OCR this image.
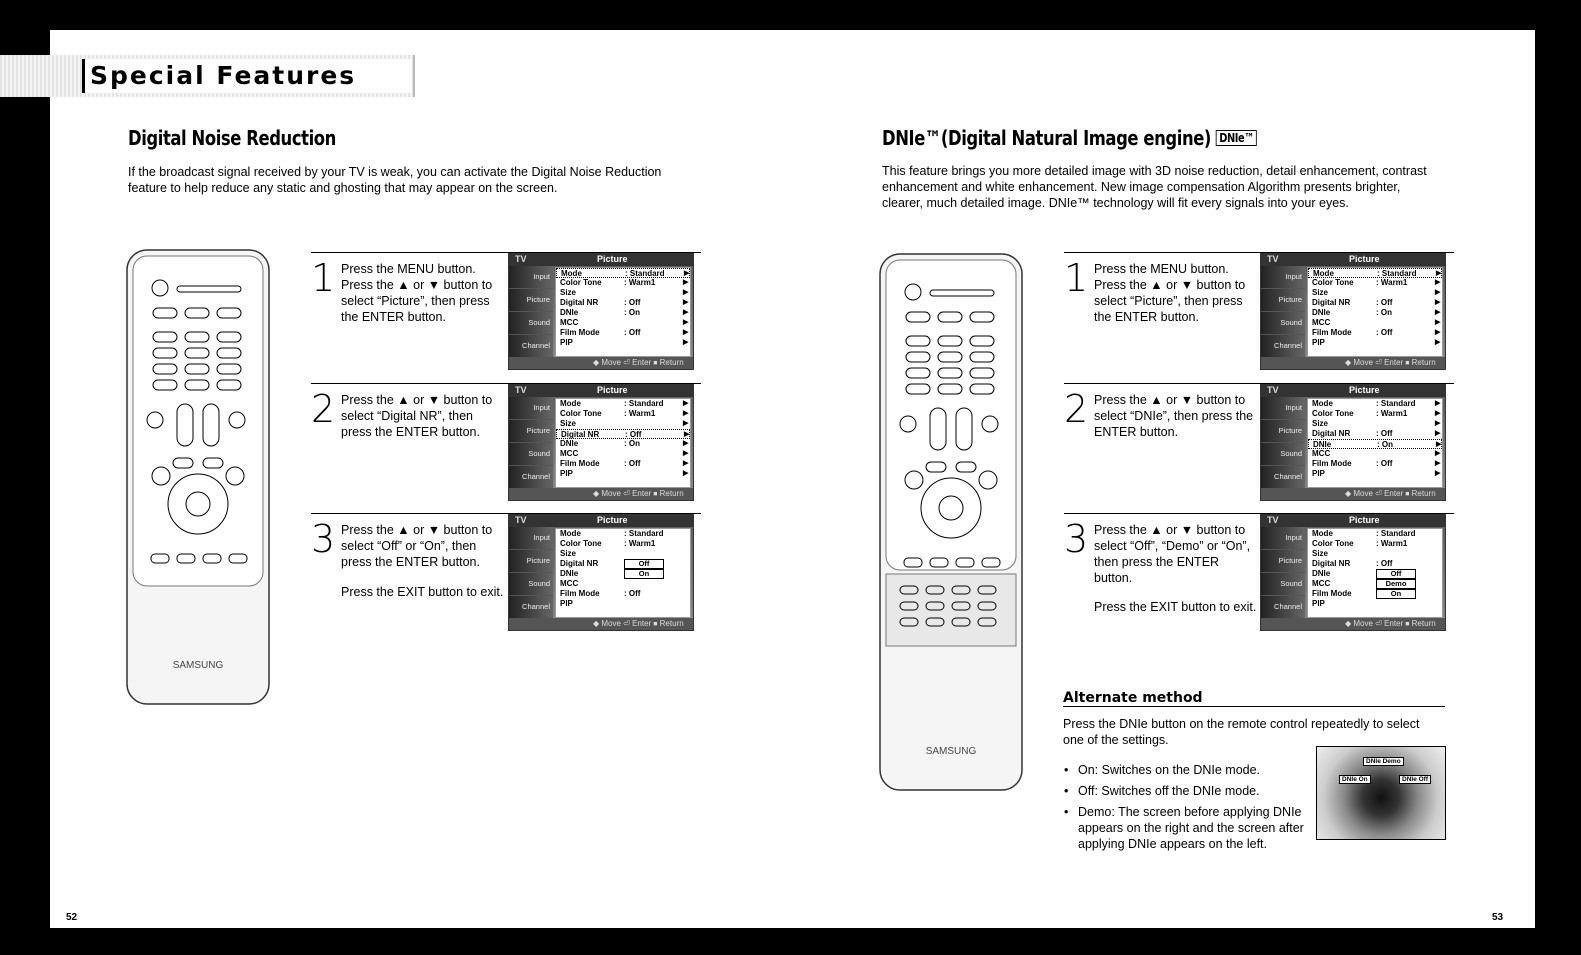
Special Features
Digital Noise Reduction
If the broadcast signal received by your TV is weak, you can activate the Digital Noise Reduction feature to help reduce any static and ghosting that may appear on the screen.
SAMSUNG
1 Press the MENU button. Press the ▲ or ▼ button to select “Picture”, then press the ENTER button.
2 Press the ▲ or ▼ button to select “Digital NR”, then press the ENTER button.
3 Press the ▲ or ▼ button to select “Off” or “On”, then press the ENTER button.
Press the EXIT button to exit.
TV	Picture
Input
Picture
Sound
Channel
Mode	: Standard	▶
Color Tone	: Warm1	▶
Size	▶
Digital NR	: Off	▶
DNIe	: On	▶
MCC	▶
Film Mode	: Off	▶
PIP	▶
◆ Move ⏎ Enter ⏹ Return
TV	Picture
Input
Picture
Sound
Channel
Mode	: Standard	▶
Color Tone	: Warm1	▶
Size	▶
Digital NR	: Off	▶
DNIe	: On	▶
MCC	▶
Film Mode	: Off	▶
PIP	▶
◆ Move ⏎ Enter ⏹ Return
TV	Picture
Input
Picture
Sound
Channel
Mode	: Standard
Color Tone	: Warm1
Size
Digital NR
DNIe
MCC
Film Mode	: Off
PIP
Off
On
◆ Move ⏎ Enter ⏹ Return
52
DNIe™(Digital Natural Image engine) DNIe™
This feature brings you more detailed image with 3D noise reduction, detail enhancement, contrast enhancement and white enhancement. New image compensation Algorithm presents brighter, clearer, much detailed image. DNIe™ technology will fit every signals into your eyes.
SAMSUNG
1 Press the MENU button. Press the ▲ or ▼ button to select “Picture”, then press the ENTER button.
2 Press the ▲ or ▼ button to select “DNIe”, then press the ENTER button.
3 Press the ▲ or ▼ button to select “Off”, “Demo” or “On”, then press the ENTER button.
Press the EXIT button to exit.
TV	Picture
Input
Picture
Sound
Channel
Mode	: Standard	▶
Color Tone	: Warm1	▶
Size	▶
Digital NR	: Off	▶
DNIe	: On	▶
MCC	▶
Film Mode	: Off	▶
PIP	▶
◆ Move ⏎ Enter ⏹ Return
TV	Picture
Input
Picture
Sound
Channel
Mode	: Standard	▶
Color Tone	: Warm1	▶
Size	▶
Digital NR	: Off	▶
DNIe	: On	▶
MCC	▶
Film Mode	: Off	▶
PIP	▶
◆ Move ⏎ Enter ⏹ Return
TV	Picture
Input
Picture
Sound
Channel
Mode	: Standard
Color Tone	: Warm1
Size
Digital NR	: Off
DNIe
MCC
Film Mode
PIP
Off
Demo
On
◆ Move ⏎ Enter ⏹ Return
Alternate method
Press the DNIe button on the remote control repeatedly to select one of the settings.
• On: Switches on the DNIe mode.
• Off: Switches off the DNIe mode.
• Demo: The screen before applying DNIe appears on the right and the screen after applying DNIe appears on the left.
DNIe Demo
DNIe On	DNIe Off
53
